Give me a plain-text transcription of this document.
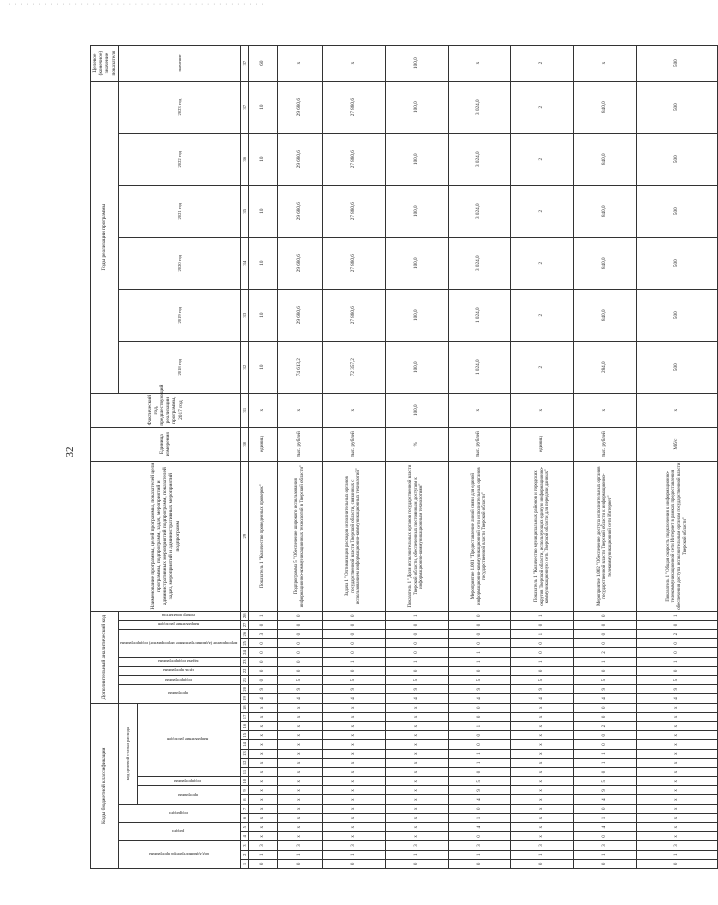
· · · · · · · · · · · · · · · · · · · · · · · · · · · · · · · · · · · · · · · · · · ·
32
Коды бюджетной классификации																		Дополнительный аналитический код										Наименование программы, целей программы, показателей цели программы, подпрограмм, задач, мероприятий и административных мероприятий подпрограмм, показателей задач, мероприятий и административных мероприятий подпрограмм	Единица измерения	Фактический год, предшествующий реализации программы, 2017 год	Годы реализации программы						Целевое (конечное) значение показателя
код администратора программы			раздел		подраздел		код целевой статьи расхода											программа		подпрограмма	цель программы	задача подпрограммы	мероприятие (административное мероприятие) подпрограммы			направление расходов	номер показателя				2018 год	2019 год	2020 год	2021 год	2022 год	2023 год	значение
							программа		подпрограмма	направление расходов																											
1	2	3	4	5	6	7	8	9	10	11	12	13	14	15	16	17	18	19	20	21	22	23	24	25	26	27	28	29	30	31	32	33	34	35	36	37	37
0	1	3	х	х	х	х	х	х	х	х	х	х	х	х	х	х	х	4	9	0	0	0	0	0	3	0	1	Показатель 1 "Количество проведенных проверок"	единиц	х	10	10	10	10	10	10	60
0	1	3	х	х	х	х	х	х	х	х	х	х	х	х	х	х	х	4	9	5	0	0	0	0	0	0	0	Подпрограмма 5 "Обеспечение широкого использования информационно-коммуникационных технологий в Тверской области"	тыс. рублей	х	74 613,2	29 680,6	29 680,6	29 680,6	29 680,6	29 680,6	х
0	1	3	х	х	х	х	х	х	х	х	х	х	х	х	х	х	х	4	9	5	0	1	0	0	0	0	0	Задача 1 "Оптимизация расходов исполнительных органов государственной власти Тверской области, связанных с использованием информационно-коммуникационных технологий"	тыс. рублей	х	72 357,2	27 880,6	27 880,6	27 880,6	27 880,6	27 880,6	х
0	1	3	х	х	х	х	х	х	х	х	х	х	х	х	х	х	х	4	9	5	0	1	0	0	0	0	1	Показатель 1 "Доля исполнительных органов государственной власти Тверской области, обеспеченных постоянным доступом к информационно-коммуникационным технологиям"	%	100,0	100,0	100,0	100,0	100,0	100,0	100,0	100,0
0	1	3	0	4	1	0	4	9	5	0	1	1	0	0	1	0	0	4	9	5	0	1	1	0	0	0	0	Мероприятие 1.001 "Предоставление линий связи для единой информационно-коммуникационной сети исполнительных органов государственной власти Тверской области"	тыс. рублей	х	1 024,0	1 024,0	3 024,0	3 024,0	3 024,0	3 024,0	х
0	1	3	х	х	х	х	х	х	х	х	х	х	х	х	х	х	х	4	9	5	0	1	0	0	1	0	1	Показатель 1 "Количество муниципальных районов и городских округов Тверской области, использующих единую информационно-коммуникационную сеть Тверской области для передачи данных"	единиц	х	2	2	2	2	2	2	2
0	1	3	0	4	1	0	4	9	5	0	1	1	0	0	2	0	0	4	9	5	0	1	2	0	0	0	0	Мероприятие 1.002 "Обеспечение доступа исполнительных органов государственной власти Тверской области к информационно-телекоммуникационной сети Интернет"	тыс. рублей	х	284,0	840,0	840,0	840,0	840,0	840,0	х
0	1	3	х	х	х	х	х	х	х	х	х	х	х	х	х	х	х	4	9	5	0	1	0	0	2	0	1	Показатель 1 "Общая скорость подключения к информационно-телекоммуникационной сети Интернет в рамках предоставления обеспечения доступа исполнительным органам государственной власти Тверской области"	Мб/с	х	500	500	500	500	500	500	500
